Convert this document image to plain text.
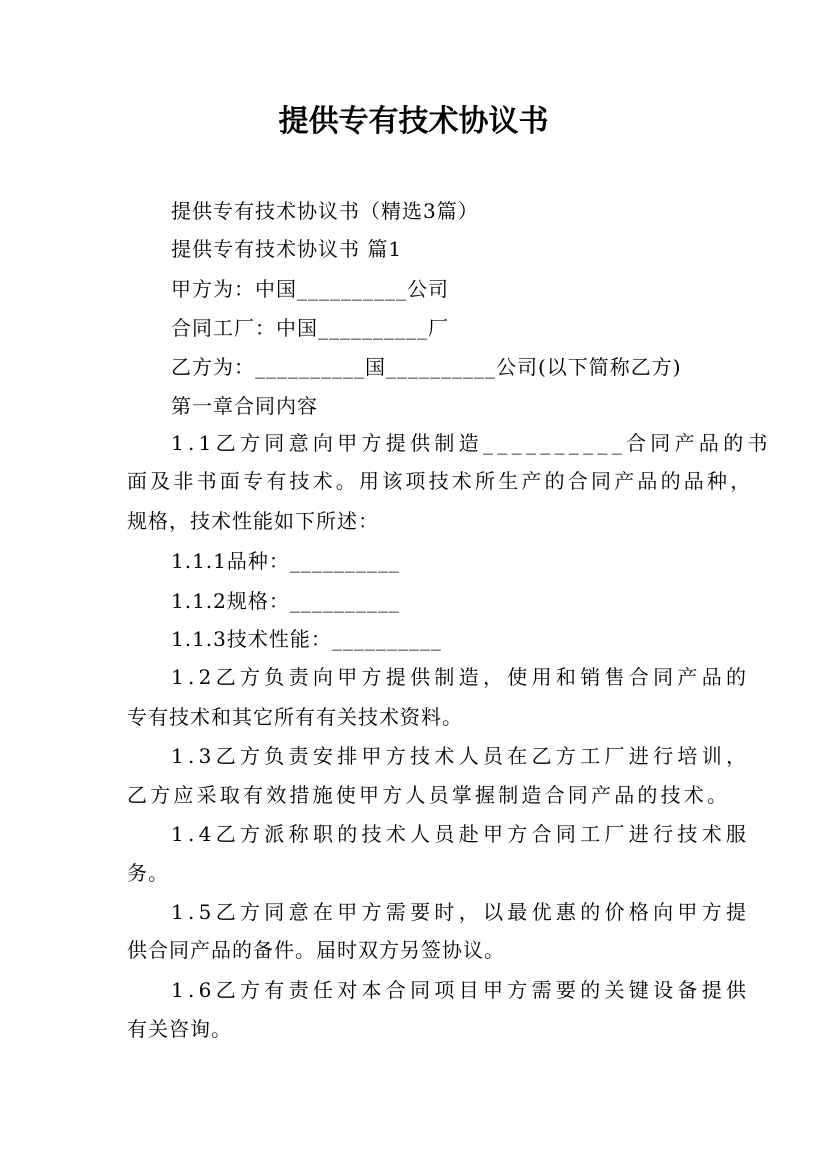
提供专有技术协议书
提供专有技术协议书（精选3篇）
提供专有技术协议书 篇1
甲方为：中国__________公司
合同工厂：中国__________厂
乙方为：__________国__________公司(以下简称乙方)
第一章合同内容
1.1乙方同意向甲方提供制造__________合同产品的书
面及非书面专有技术。用该项技术所生产的合同产品的品种，
规格，技术性能如下所述：
1.1.1品种：__________
1.1.2规格：__________
1.1.3技术性能：__________
1.2乙方负责向甲方提供制造，使用和销售合同产品的
专有技术和其它所有有关技术资料。
1.3乙方负责安排甲方技术人员在乙方工厂进行培训，
乙方应采取有效措施使甲方人员掌握制造合同产品的技术。
1.4乙方派称职的技术人员赴甲方合同工厂进行技术服
务。
1.5乙方同意在甲方需要时，以最优惠的价格向甲方提
供合同产品的备件。届时双方另签协议。
1.6乙方有责任对本合同项目甲方需要的关键设备提供
有关咨询。
